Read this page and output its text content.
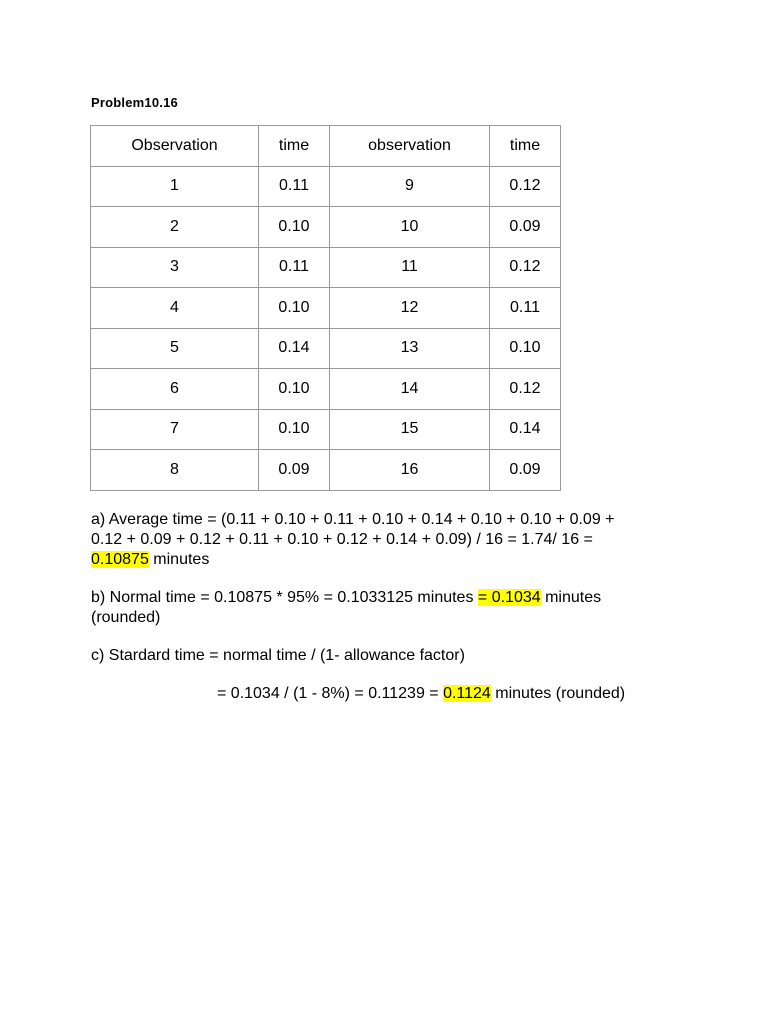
Problem10.16
Observation	time	observation	time
1	0.11	9	0.12
2	0.10	10	0.09
3	0.11	11	0.12
4	0.10	12	0.11
5	0.14	13	0.10
6	0.10	14	0.12
7	0.10	15	0.14
8	0.09	16	0.09
a) Average time = (0.11 + 0.10 + 0.11 + 0.10 + 0.14 + 0.10 + 0.10 + 0.09 +
0.12 + 0.09 + 0.12 + 0.11 + 0.10 + 0.12 + 0.14 + 0.09) / 16 = 1.74/ 16 =
0.10875 minutes
b) Normal time = 0.10875 * 95% = 0.1033125 minutes = 0.1034 minutes
(rounded)
c) Stardard time = normal time / (1- allowance factor)
= 0.1034 / (1 - 8%) = 0.11239 = 0.1124 minutes (rounded)
